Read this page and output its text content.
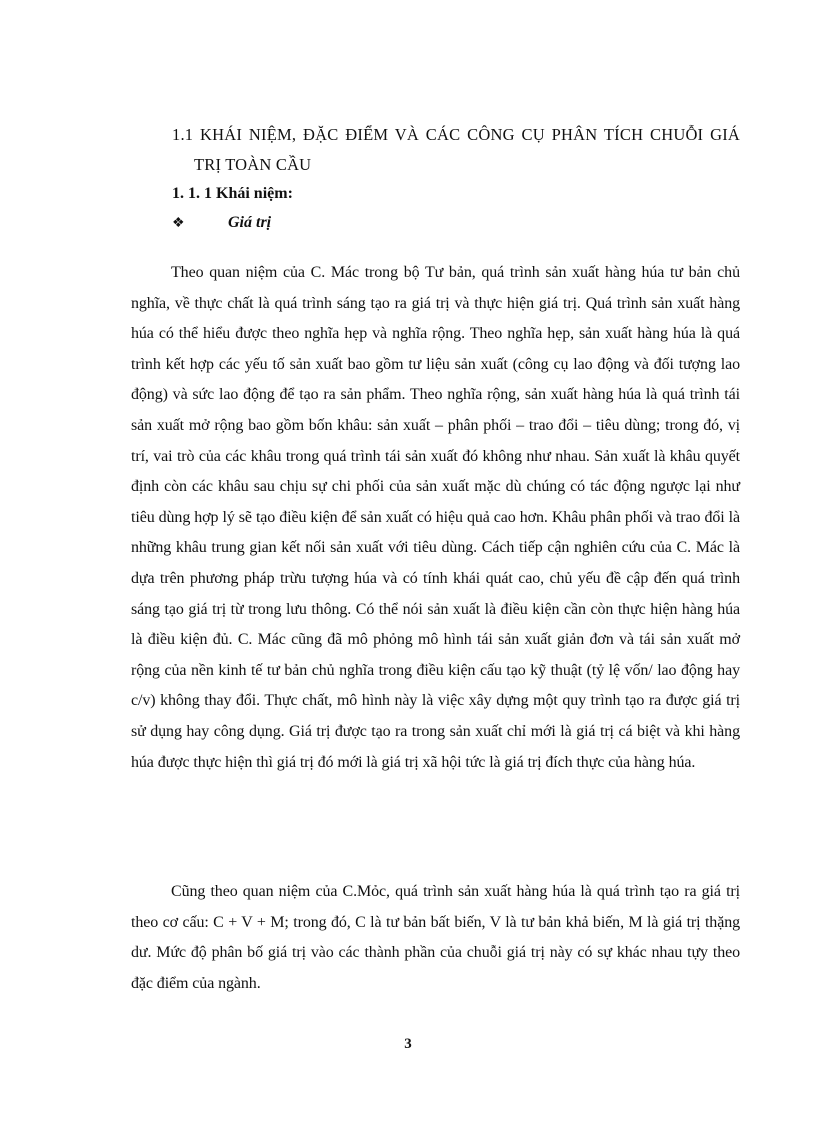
1.1 KHÁI NIỆM, ĐẶC ĐIỂM VÀ CÁC CÔNG CỤ PHÂN TÍCH CHUỖI GIÁ
TRỊ TOÀN CẦU
1. 1. 1 Khái niệm:
❖	Giá trị

Theo quan niệm của C. Mác trong bộ Tư bản, quá trình sản xuất hàng húa tư bản chủ nghĩa, về thực chất là quá trình sáng tạo ra giá trị và thực hiện giá trị. Quá trình sản xuất hàng húa có thể hiểu được theo nghĩa hẹp và nghĩa rộng. Theo nghĩa hẹp, sản xuất hàng húa là quá trình kết hợp các yếu tố sản xuất bao gồm tư liệu sản xuất (công cụ lao động và đối tượng lao động) và sức lao động để tạo ra sản phẩm. Theo nghĩa rộng, sản xuất hàng húa là quá trình tái sản xuất mở rộng bao gồm bốn khâu: sản xuất – phân phối – trao đổi – tiêu dùng; trong đó, vị trí, vai trò của các khâu trong quá trình tái sản xuất đó không như nhau. Sản xuất là khâu quyết định còn các khâu sau chịu sự chi phối của sản xuất mặc dù chúng có tác động ngược lại như tiêu dùng hợp lý sẽ tạo điều kiện để sản xuất có hiệu quả cao hơn. Khâu phân phối và trao đổi là những khâu trung gian kết nối sản xuất với tiêu dùng. Cách tiếp cận nghiên cứu của C. Mác là dựa trên phương pháp trừu tượng húa và có tính khái quát cao, chủ yếu đề cập đến quá trình sáng tạo giá trị từ trong lưu thông. Có thể nói sản xuất là điều kiện cần còn thực hiện hàng húa là điều kiện đủ. C. Mác cũng đã mô phỏng mô hình tái sản xuất giản đơn và tái sản xuất mở rộng của nền kinh tế tư bản chủ nghĩa trong điều kiện cấu tạo kỹ thuật (tỷ lệ vốn/ lao động hay c/v) không thay đổi. Thực chất, mô hình này là việc xây dựng một quy trình tạo ra được giá trị sử dụng hay công dụng. Giá trị được tạo ra trong sản xuất chỉ mới là giá trị cá biệt và khi hàng húa được thực hiện thì giá trị đó mới là giá trị xã hội tức là giá trị đích thực của hàng húa.

Cũng theo quan niệm của C.Mỏc, quá trình sản xuất hàng húa là quá trình tạo ra giá trị theo cơ cấu: C + V + M; trong đó, C là tư bản bất biến, V là tư bản khả biến, M là giá trị thặng dư. Mức độ phân bố giá trị vào các thành phần của chuỗi giá trị này có sự khác nhau tựy theo đặc điểm của ngành.

3
